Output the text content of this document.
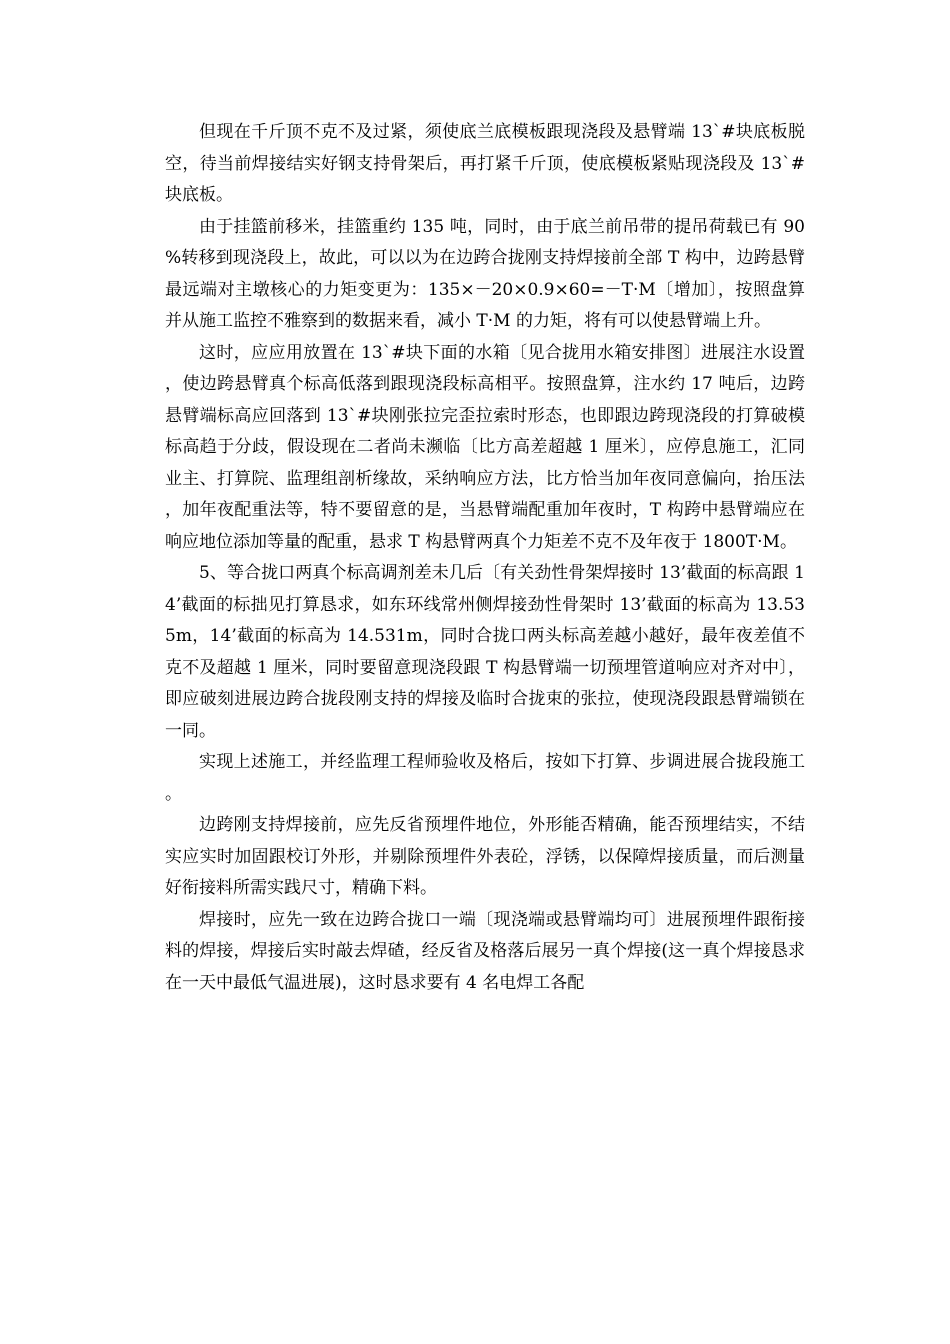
但现在千斤顶不克不及过紧，须使底兰底模板跟现浇段及悬臂端 13`#块底板脱空，待当前焊接结实好钢支持骨架后，再打紧千斤顶，使底模板紧贴现浇段及 13`#块底板。

由于挂篮前移米，挂篮重约 135 吨，同时，由于底兰前吊带的提吊荷载已有 90%转移到现浇段上，故此，可以以为在边跨合拢刚支持焊接前全部 T 构中，边跨悬臂最远端对主墩核心的力矩变更为：135×－20×0.9×60=－T·M〔增加〕，按照盘算并从施工监控不雅察到的数据来看，减小 T·M 的力矩，将有可以使悬臂端上升。

这时，应应用放置在 13`#块下面的水箱〔见合拢用水箱安排图〕进展注水设置，使边跨悬臂真个标高低落到跟现浇段标高相平。按照盘算，注水约 17 吨后，边跨悬臂端标高应回落到 13`#块刚张拉完歪拉索时形态，也即跟边跨现浇段的打算破模标高趋于分歧，假设现在二者尚未濒临〔比方高差超越 1 厘米〕，应停息施工，汇同业主、打算院、监理组剖析缘故，采纳响应方法，比方恰当加年夜同意偏向，抬压法，加年夜配重法等，特不要留意的是，当悬臂端配重加年夜时，T 构跨中悬臂端应在响应地位添加等量的配重，悬求 T 构悬臂两真个力矩差不克不及年夜于 1800T·M。

5、等合拢口两真个标高调剂差未几后〔有关劲性骨架焊接时 13’截面的标高跟 14’截面的标拙见打算恳求，如东环线常州侧焊接劲性骨架时 13’截面的标高为 13.535m，14’截面的标高为 14.531m，同时合拢口两头标高差越小越好，最年夜差值不克不及超越 1 厘米，同时要留意现浇段跟 T 构悬臂端一切预埋管道响应对齐对中〕，即应破刻进展边跨合拢段刚支持的焊接及临时合拢束的张拉，使现浇段跟悬臂端锁在一同。

实现上述施工，并经监理工程师验收及格后，按如下打算、步调进展合拢段施工。

边跨刚支持焊接前，应先反省预埋件地位，外形能否精确，能否预埋结实，不结实应实时加固跟校订外形，并剔除预埋件外表砼，浮锈，以保障焊接质量，而后测量好衔接料所需实践尺寸，精确下料。

焊接时，应先一致在边跨合拢口一端〔现浇端或悬臂端均可〕进展预埋件跟衔接料的焊接，焊接后实时敲去焊碴，经反省及格落后展另一真个焊接(这一真个焊接恳求在一天中最低气温进展)，这时恳求要有 4 名电焊工各配
